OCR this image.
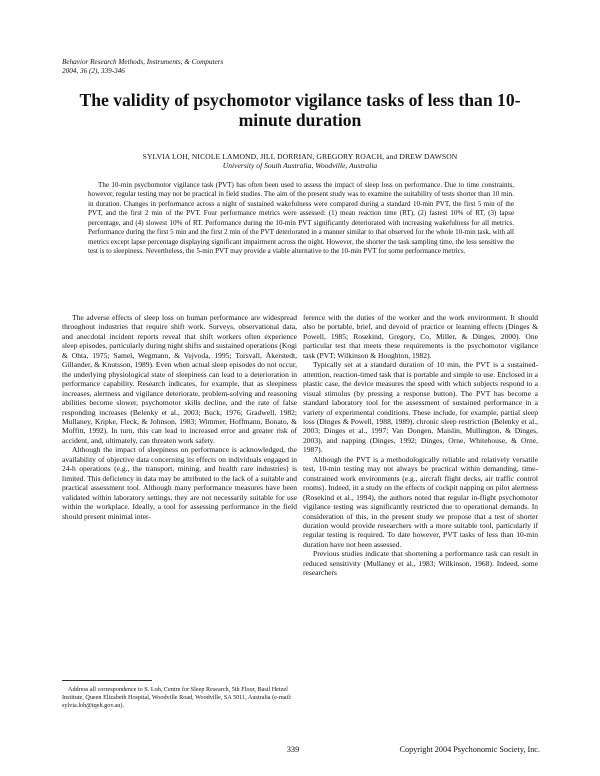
Behavior Research Methods, Instruments, & Computers
2004, 36 (2), 339-346
The validity of psychomotor vigilance tasks of less than 10-minute duration
SYLVIA LOH, NICOLE LAMOND, JILL DORRIAN, GREGORY ROACH, and DREW DAWSON
University of South Australia, Woodville, Australia
The 10-min psychomotor vigilance task (PVT) has often been used to assess the impact of sleep loss on performance. Due to time constraints, however, regular testing may not be practical in field studies. The aim of the present study was to examine the suitability of tests shorter than 10 min. in duration. Changes in performance across a night of sustained wakefulness were compared during a standard 10-min PVT, the first 5 min of the PVT, and the first 2 min of the PVT. Four performance metrics were assessed: (1) mean reaction time (RT), (2) fastest 10% of RT, (3) lapse percentage, and (4) slowest 10% of RT. Performance during the 10-min PVT significantly deteriorated with increasing wakefulness for all metrics. Performance during the first 5 min and the first 2 min of the PVT deteriorated in a manner similar to that observed for the whole 10-min task, with all metrics except lapse percentage displaying significant impairment across the night. However, the shorter the task sampling time, the less sensitive the test is to sleepiness. Nevertheless, the 5-min PVT may provide a viable alternative to the 10-min PVT for some performance metrics.

The adverse effects of sleep loss on human performance are widespread throughout industries that require shift work. Surveys, observational data, and anecdotal incident reports reveal that shift workers often experience sleep episodes, particularly during night shifts and sustained operations (Kogi & Ohta, 1975; Samel, Wegmann, & Vejvoda, 1995; Torsvall, Åkerstedt, Gillander, & Knutsson, 1989). Even when actual sleep episodes do not occur, the underlying physiological state of sleepiness can lead to a deterioration in performance capability. Research indicates, for example, that as sleepiness increases, alertness and vigilance deteriorate, problem-solving and reasoning abilities become slower, psychomotor skills decline, and the rate of false responding increases (Belenky et al., 2003; Buck, 1976; Gradwell, 1982; Mullaney, Kripke, Fleck, & Johnson, 1983; Wimmer, Hoffmann, Bonato, & Moffitt, 1992). In turn, this can lead to increased error and greater risk of accident, and, ultimately, can threaten work safety.

Although the impact of sleepiness on performance is acknowledged, the availability of objective data concerning its effects on individuals engaged in 24-h operations (e.g., the transport, mining, and health care industries) is limited. This deficiency in data may be attributed to the lack of a suitable and practical assessment tool. Although many performance measures have been validated within laboratory settings, they are not necessarily suitable for use within the workplace. Ideally, a tool for assessing performance in the field should present minimal inter-

ference with the duties of the worker and the work environment. It should also be portable, brief, and devoid of practice or learning effects (Dinges & Powell, 1985; Rosekind, Gregory, Co, Miller, & Dinges, 2000). One particular test that meets these requirements is the psychomotor vigilance task (PVT; Wilkinson & Houghton, 1982).

Typically set at a standard duration of 10 min, the PVT is a sustained-attention, reaction-timed task that is portable and simple to use. Enclosed in a plastic case, the device measures the speed with which subjects respond to a visual stimulus (by pressing a response button). The PVT has become a standard laboratory tool for the assessment of sustained performance in a variety of experimental conditions. These include, for example, partial sleep loss (Dinges & Powell, 1988, 1989), chronic sleep restriction (Belenky et al., 2003; Dinges et al., 1997; Van Dongen, Maislin, Mullington, & Dinges, 2003), and napping (Dinges, 1992; Dinges, Orne, Whitehouse, & Orne, 1987).

Although the PVT is a methodologically reliable and relatively versatile test, 10-min testing may not always be practical within demanding, time-constrained work environments (e.g., aircraft flight decks, air traffic control rooms). Indeed, in a study on the effects of cockpit napping on pilot alertness (Rosekind et al., 1994), the authors noted that regular in-flight psychomotor vigilance testing was significantly restricted due to operational demands. In consideration of this, in the present study we propose that a test of shorter duration would provide researchers with a more suitable tool, particularly if regular testing is required. To date however, PVT tasks of less than 10-min duration have not been assessed.

Previous studies indicate that shortening a performance task can result in reduced sensitivity (Mullaney et al., 1983; Wilkinson, 1968). Indeed, some researchers

Address all correspondence to S. Loh, Centre for Sleep Research, 5th Floor, Basil Hetzel Institute, Queen Elizabeth Hospital, Woodville Road, Woodville, SA 5011, Australia (e-mail: sylvia.loh@tqeh.gov.au).
339	Copyright 2004 Psychonomic Society, Inc.
